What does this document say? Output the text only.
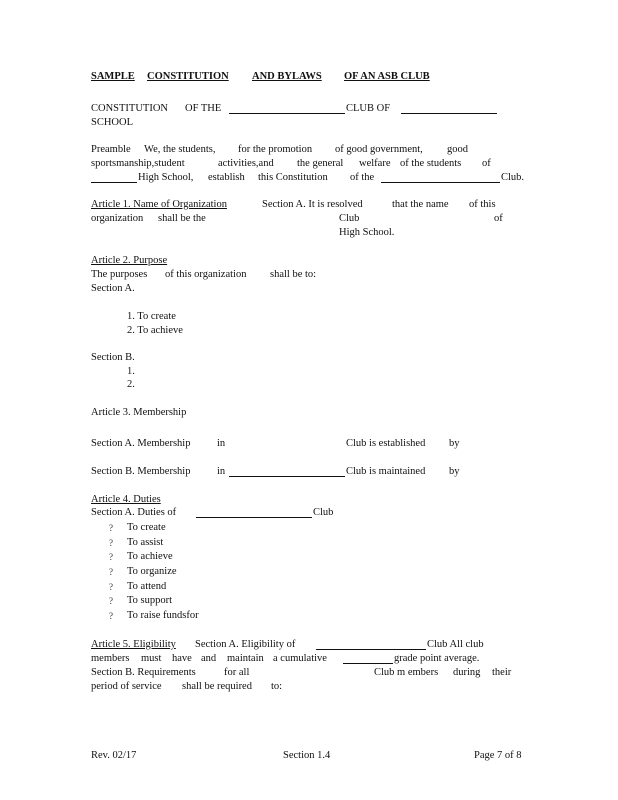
SAMPLE CONSTITUTION AND BYLAWS OF AN ASB CLUB
CONSTITUTION OF THE	CLUB OF
SCHOOL
Preamble We, the students, for the promotion of good government, good
sportsmanship,student	activities,and the general welfare of the students of
High School, establish this Constitution of the	Club.
Article 1. Name of Organization	Section A. It is resolved	that the name of this
organization shall be the	Club	of
High School.
Article 2. Purpose
The purposes of this organization shall be to:
Section A.
1. To create
2. To achieve
Section B.
1.
2.
Article 3. Membership
Section A. Membership	in	Club is established by
Section B. Membership	in	Club is maintained by
Article 4. Duties
Section A. Duties of	Club
? To create
? To assist
? To achieve
? To organize
? To attend
? To support
? To raise fundsfor
Article 5. Eligibility Section A. Eligibility of	Club All club
members must have and maintain a cumulative	grade point average.
Section B. Requirements	for all	Club m embers during their
period of service shall be required to:
Rev. 02/17	Section 1.4	Page 7 of 8
